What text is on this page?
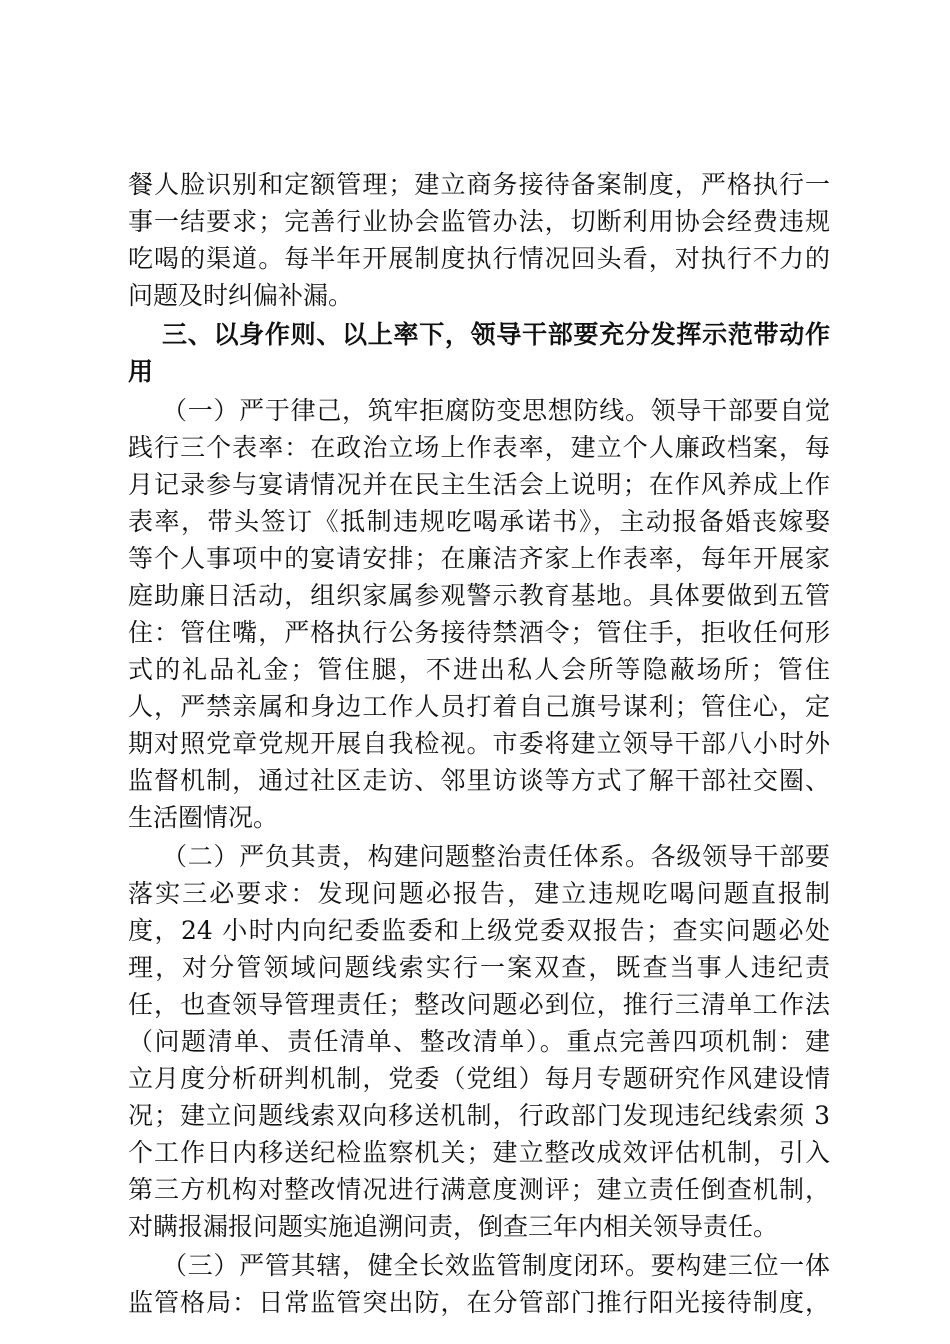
餐人脸识别和定额管理；建立商务接待备案制度，严格执行一
事一结要求；完善行业协会监管办法，切断利用协会经费违规
吃喝的渠道。每半年开展制度执行情况回头看，对执行不力的
问题及时纠偏补漏。
三、以身作则、以上率下，领导干部要充分发挥示范带动作
用
（一）严于律己，筑牢拒腐防变思想防线。领导干部要自觉
践行三个表率：在政治立场上作表率，建立个人廉政档案，每
月记录参与宴请情况并在民主生活会上说明；在作风养成上作
表率，带头签订《抵制违规吃喝承诺书》，主动报备婚丧嫁娶
等个人事项中的宴请安排；在廉洁齐家上作表率，每年开展家
庭助廉日活动，组织家属参观警示教育基地。具体要做到五管
住：管住嘴，严格执行公务接待禁酒令；管住手，拒收任何形
式的礼品礼金；管住腿，不进出私人会所等隐蔽场所；管住
人，严禁亲属和身边工作人员打着自己旗号谋利；管住心，定
期对照党章党规开展自我检视。市委将建立领导干部八小时外
监督机制，通过社区走访、邻里访谈等方式了解干部社交圈、
生活圈情况。
（二）严负其责，构建问题整治责任体系。各级领导干部要
落实三必要求：发现问题必报告，建立违规吃喝问题直报制
度，24 小时内向纪委监委和上级党委双报告；查实问题必处
理，对分管领域问题线索实行一案双查，既查当事人违纪责
任，也查领导管理责任；整改问题必到位，推行三清单工作法
（问题清单、责任清单、整改清单）。重点完善四项机制：建
立月度分析研判机制，党委（党组）每月专题研究作风建设情
况；建立问题线索双向移送机制，行政部门发现违纪线索须 3
个工作日内移送纪检监察机关；建立整改成效评估机制，引入
第三方机构对整改情况进行满意度测评；建立责任倒查机制，
对瞒报漏报问题实施追溯问责，倒查三年内相关领导责任。
（三）严管其辖，健全长效监管制度闭环。要构建三位一体
监管格局：日常监管突出防，在分管部门推行阳光接待制度，
